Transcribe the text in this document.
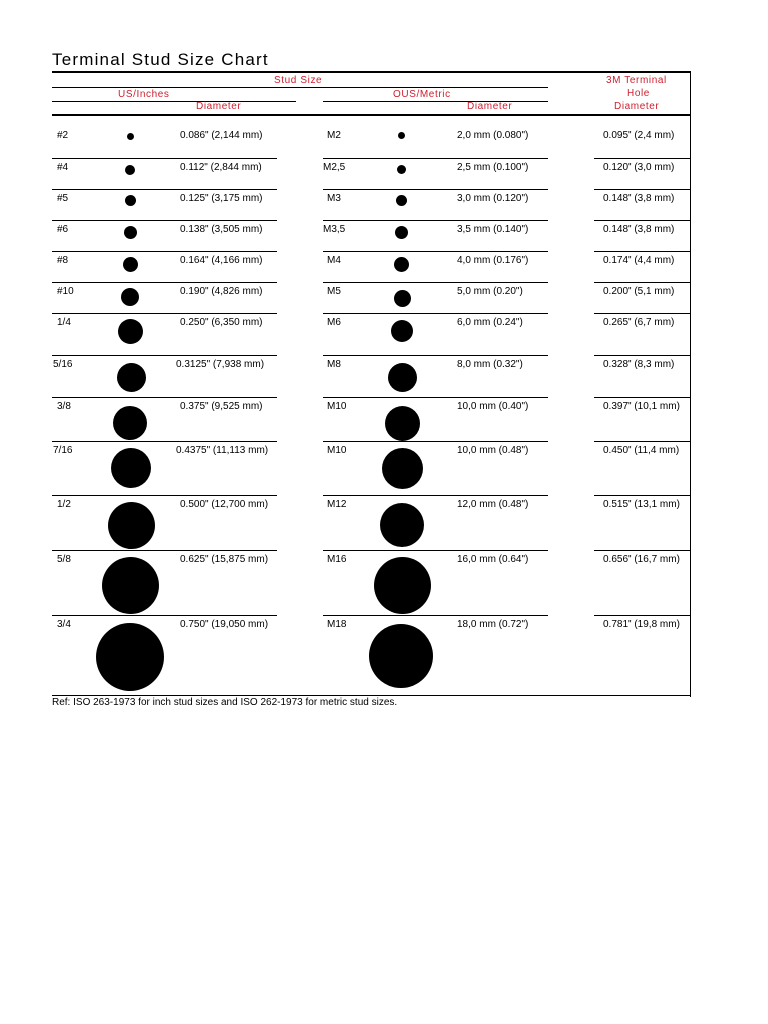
Terminal Stud Size Chart
Stud Size
US/Inches	OUS/Metric
Diameter	Diameter
3M Terminal
Hole
Diameter
#2	0.086" (2,144 mm)	M2	2,0 mm (0.080")	0.095" (2,4 mm)
#4	0.112" (2,844 mm)	M2,5	2,5 mm (0.100")	0.120" (3,0 mm)
#5	0.125" (3,175 mm)	M3	3,0 mm (0.120")	0.148" (3,8 mm)
#6	0.138" (3,505 mm)	M3,5	3,5 mm (0.140")	0.148" (3,8 mm)
#8	0.164" (4,166 mm)	M4	4,0 mm (0.176")	0.174" (4,4 mm)
#10	0.190" (4,826 mm)	M5	5,0 mm (0.20")	0.200" (5,1 mm)
1/4	0.250" (6,350 mm)	M6	6,0 mm (0.24")	0.265" (6,7 mm)
5/16	0.3125" (7,938 mm)	M8	8,0 mm (0.32")	0.328" (8,3 mm)
3/8	0.375" (9,525 mm)	M10	10,0 mm (0.40")	0.397" (10,1 mm)
7/16	0.4375" (11,113 mm)	M10	10,0 mm (0.48")	0.450" (11,4 mm)
1/2	0.500" (12,700 mm)	M12	12,0 mm (0.48")	0.515" (13,1 mm)
5/8	0.625" (15,875 mm)	M16	16,0 mm (0.64")	0.656" (16,7 mm)
3/4	0.750" (19,050 mm)	M18	18,0 mm (0.72")	0.781" (19,8 mm)
Ref: ISO 263-1973 for inch stud sizes and ISO 262-1973 for metric stud sizes.
